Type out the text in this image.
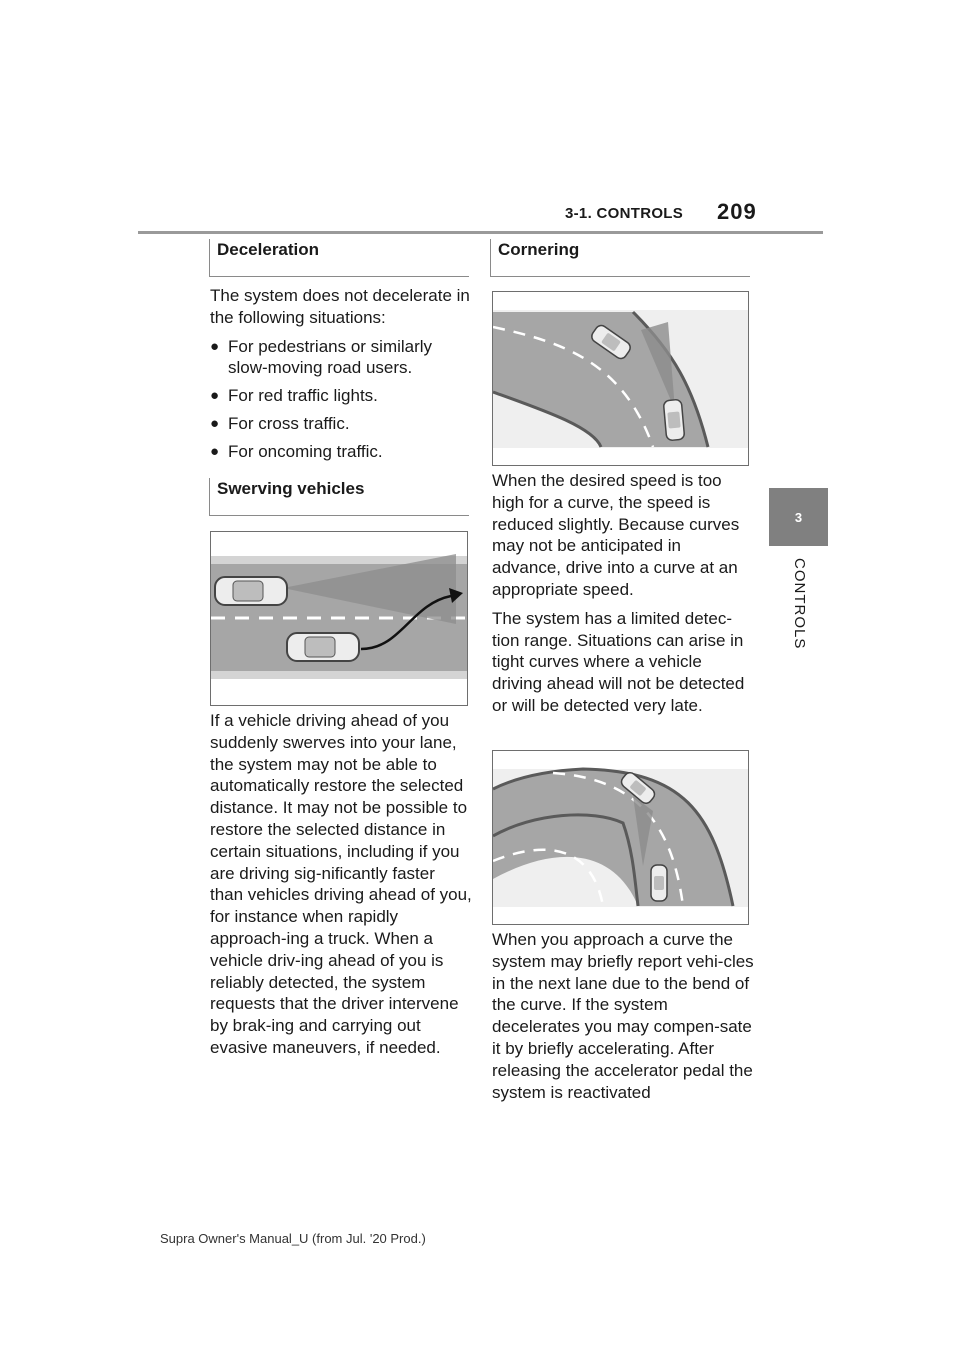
3-1. CONTROLS 209
3
CONTROLS
Deceleration

The system does not decelerate in the following situations:

● For pedestrians or similarly slow-moving road users.
● For red traffic lights.
● For cross traffic.
● For oncoming traffic.
Swerving vehicles
If a vehicle driving ahead of you suddenly swerves into your lane, the system may not be able to automatically restore the selected distance. It may not be possible to restore the selected distance in certain situations, including if you are driving sig-nificantly faster than vehicles driving ahead of you, for instance when rapidly approach-ing a truck. When a vehicle driv-ing ahead of you is reliably detected, the system requests that the driver intervene by brak-ing and carrying out evasive maneuvers, if needed.
Cornering

When the desired speed is too high for a curve, the speed is reduced slightly. Because curves may not be anticipated in advance, drive into a curve at an appropriate speed.

The system has a limited detec-tion range. Situations can arise in tight curves where a vehicle driving ahead will not be detected or will be detected very late.

When you approach a curve the system may briefly report vehi-cles in the next lane due to the bend of the curve. If the system decelerates you may compen-sate it by briefly accelerating. After releasing the accelerator pedal the system is reactivated
Supra Owner's Manual_U (from Jul. '20 Prod.)
